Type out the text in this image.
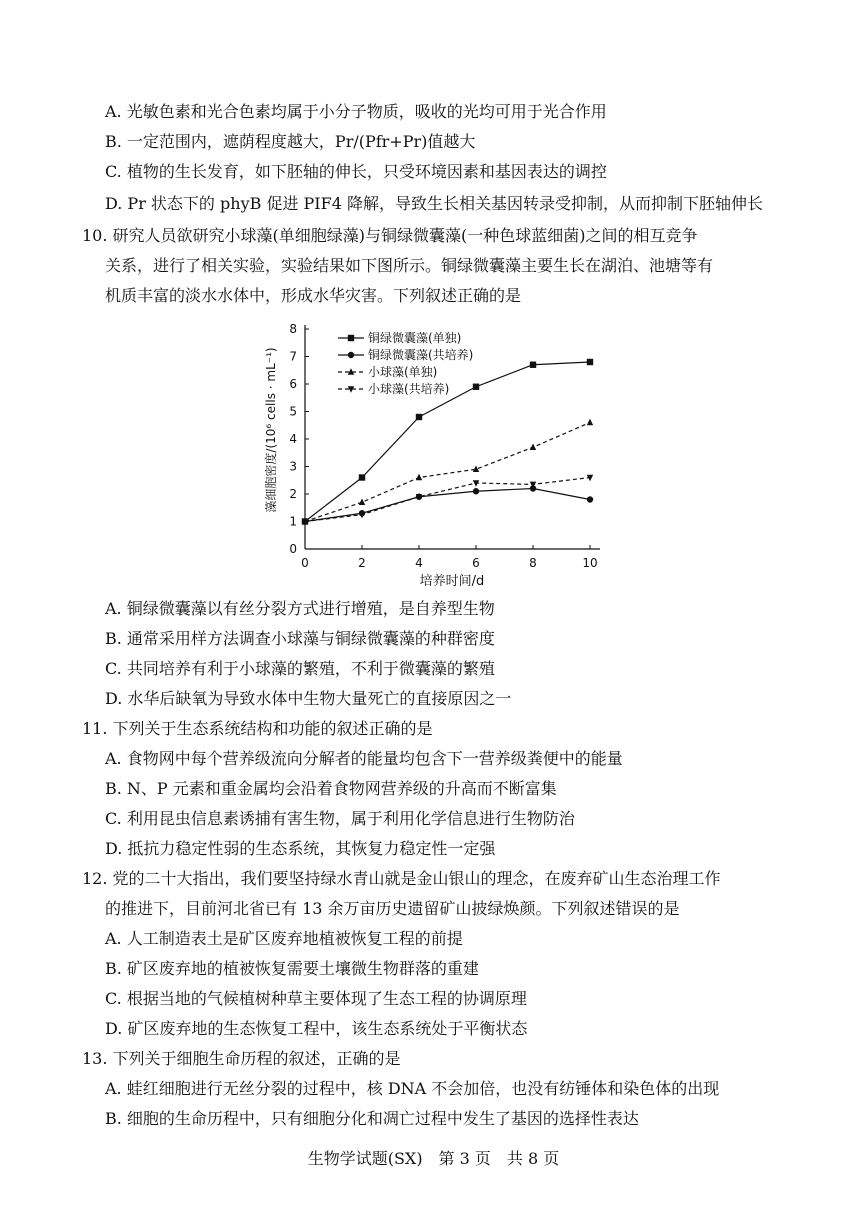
A. 光敏色素和光合色素均属于小分子物质，吸收的光均可用于光合作用
B. 一定范围内，遮荫程度越大，Pr/(Pfr+Pr)值越大
C. 植物的生长发育，如下胚轴的伸长，只受环境因素和基因表达的调控
D. Pr 状态下的 phyB 促进 PIF4 降解，导致生长相关基因转录受抑制，从而抑制下胚轴伸长
10. 研究人员欲研究小球藻(单细胞绿藻)与铜绿微囊藻(一种色球蓝细菌)之间的相互竞争
关系，进行了相关实验，实验结果如下图所示。铜绿微囊藻主要生长在湖泊、池塘等有
机质丰富的淡水水体中，形成水华灾害。下列叙述正确的是
0
1
2
3
4
5
6
7
8
0	2	4	6	8	10
铜绿微囊藻(单独)
铜绿微囊藻(共培养)
小球藻(单独)
小球藻(共培养)
藻细胞密度/(10⁶ cells · mL⁻¹)
培养时间/d
A. 铜绿微囊藻以有丝分裂方式进行增殖，是自养型生物
B. 通常采用样方法调查小球藻与铜绿微囊藻的种群密度
C. 共同培养有利于小球藻的繁殖，不利于微囊藻的繁殖
D. 水华后缺氧为导致水体中生物大量死亡的直接原因之一
11. 下列关于生态系统结构和功能的叙述正确的是
A. 食物网中每个营养级流向分解者的能量均包含下一营养级粪便中的能量
B. N、P 元素和重金属均会沿着食物网营养级的升高而不断富集
C. 利用昆虫信息素诱捕有害生物，属于利用化学信息进行生物防治
D. 抵抗力稳定性弱的生态系统，其恢复力稳定性一定强
12. 党的二十大指出，我们要坚持绿水青山就是金山银山的理念，在废弃矿山生态治理工作
的推进下，目前河北省已有 13 余万亩历史遗留矿山披绿焕颜。下列叙述错误的是
A. 人工制造表土是矿区废弃地植被恢复工程的前提
B. 矿区废弃地的植被恢复需要土壤微生物群落的重建
C. 根据当地的气候植树种草主要体现了生态工程的协调原理
D. 矿区废弃地的生态恢复工程中，该生态系统处于平衡状态
13. 下列关于细胞生命历程的叙述，正确的是
A. 蛙红细胞进行无丝分裂的过程中，核 DNA 不会加倍，也没有纺锤体和染色体的出现
B. 细胞的生命历程中，只有细胞分化和凋亡过程中发生了基因的选择性表达
生物学试题(SX)　第 3 页　共 8 页
